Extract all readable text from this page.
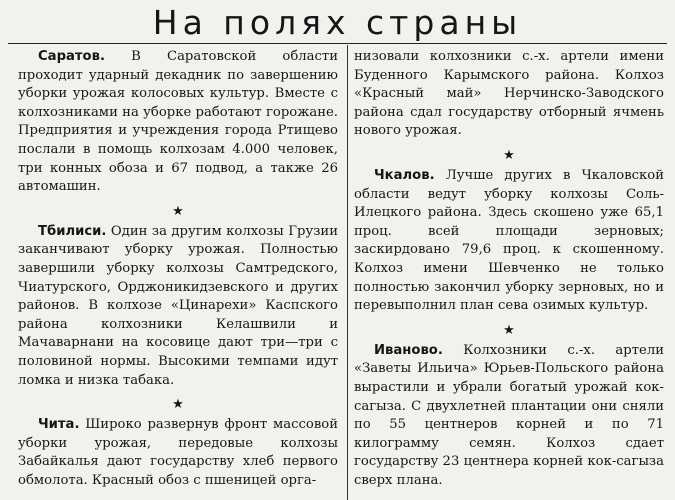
На полях страны

Саратов. В Саратовской области проходит ударный декадник по завершению уборки урожая колосовых культур. Вместе с колхозниками на уборке работают горожане. Предприятия и учреждения города Ртищево послали в помощь колхозам 4.000 человек, три конных обоза и 67 подвод, а также 26 автомашин.

★

Тбилиси. Один за другим колхозы Грузии заканчивают уборку урожая. Полностью завершили уборку колхозы Самтредского, Чиатурского, Орджоникидзевского и других районов. В колхозе «Цинарехи» Каспского района колхозники Келашвили и Мачаварнани на косовице дают три—три с половиной нормы. Высокими темпами идут ломка и низка табака.

★

Чита. Широко развернув фронт массовой уборки урожая, передовые колхозы Забайкалья дают государству хлеб первого обмолота. Красный обоз с пшеницей орга-

низовали колхозники с.-х. артели имени Буденного Карымского района. Колхоз «Красный май» Нерчинско-Заводского района сдал государству отборный ячмень нового урожая.

★

Чкалов. Лучше других в Чкаловской области ведут уборку колхозы Соль-Илецкого района. Здесь скошено уже 65,1 проц. всей площади зерновых; заскирдовано 79,6 проц. к скошенному. Колхоз имени Шевченко не только полностью закончил уборку зерновых, но и перевыполнил план сева озимых культур.

★

Иваново. Колхозники с.-х. артели «Заветы Ильича» Юрьев-Польского района вырастили и убрали богатый урожай кок-сагыза. С двухлетней плантации они сняли по 55 центнеров корней и по 71 килограмму семян. Колхоз сдает государству 23 центнера корней кок-сагыза сверх плана.
